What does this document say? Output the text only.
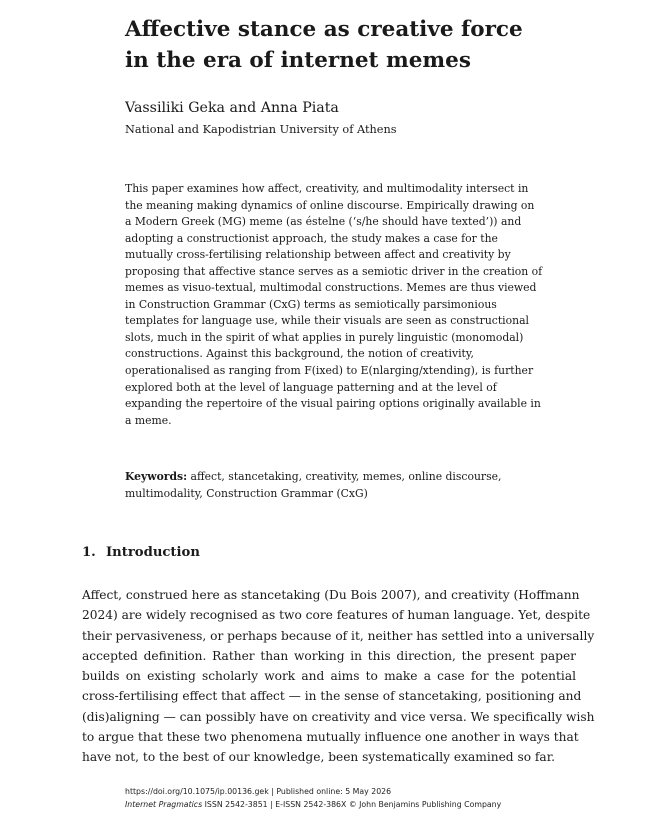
Affective stance as creative force
in the era of internet memes
Vassiliki Geka and Anna Piata
National and Kapodistrian University of Athens
This paper examines how affect, creativity, and multimodality intersect in
the meaning making dynamics of online discourse. Empirically drawing on
a Modern Greek (MG) meme (as éstelne (‘s/he should have texted’)) and
adopting a constructionist approach, the study makes a case for the
mutually cross-fertilising relationship between affect and creativity by
proposing that affective stance serves as a semiotic driver in the creation of
memes as visuo-textual, multimodal constructions. Memes are thus viewed
in Construction Grammar (CxG) terms as semiotically parsimonious
templates for language use, while their visuals are seen as constructional
slots, much in the spirit of what applies in purely linguistic (monomodal)
constructions. Against this background, the notion of creativity,
operationalised as ranging from F(ixed) to E(nlarging/xtending), is further
explored both at the level of language patterning and at the level of
expanding the repertoire of the visual pairing options originally available in
a meme.
Keywords: affect, stancetaking, creativity, memes, online discourse,
multimodality, Construction Grammar (CxG)
1. Introduction
Affect, construed here as stancetaking (Du Bois 2007), and creativity (Hoffmann
2024) are widely recognised as two core features of human language. Yet, despite
their pervasiveness, or perhaps because of it, neither has settled into a universally
accepted definition. Rather than working in this direction, the present paper
builds on existing scholarly work and aims to make a case for the potential
cross-fertilising effect that affect — in the sense of stancetaking, positioning and
(dis)aligning — can possibly have on creativity and vice versa. We specifically wish
to argue that these two phenomena mutually influence one another in ways that
have not, to the best of our knowledge, been systematically examined so far.
https://doi.org/10.1075/ip.00136.gek | Published online: 5 May 2026
Internet Pragmatics ISSN 2542-3851 | E-ISSN 2542-386X © John Benjamins Publishing Company
